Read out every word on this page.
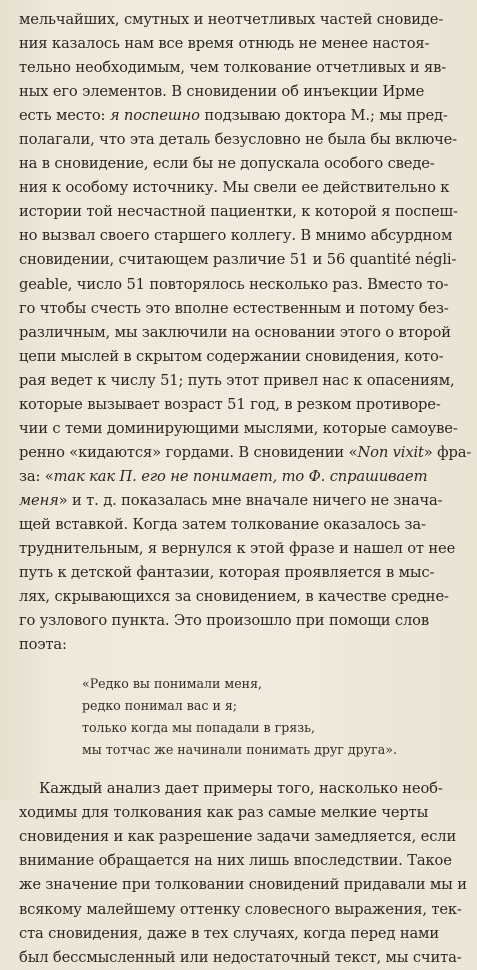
мельчайших, смутных и неотчетливых частей сновиде-
ния казалось нам все время отнюдь не менее настоя-
тельно необходимым, чем толкование отчетливых и яв-
ных его элементов. В сновидении об инъекции Ирме
есть место: я поспешно подзываю доктора М.; мы пред-
полагали, что эта деталь безусловно не была бы включе-
на в сновидение, если бы не допускала особого сведе-
ния к особому источнику. Мы свели ее действительно к
истории той несчастной пациентки, к которой я поспеш-
но вызвал своего старшего коллегу. В мнимо абсурдном
сновидении, считающем различие 51 и 56 quantité négli-
geable, число 51 повторялось несколько раз. Вместо то-
го чтобы счесть это вполне естественным и потому без-
различным, мы заключили на основании этого о второй
цепи мыслей в скрытом содержании сновидения, кото-
рая ведет к числу 51; путь этот привел нас к опасениям,
которые вызывает возраст 51 год, в резком противоре-
чии с теми доминирующими мыслями, которые самоуве-
ренно «кидаются» гордами. В сновидении «Non vixit» фра-
за: «так как П. его не понимает, то Ф. спрашивает
меня» и т. д. показалась мне вначале ничего не знача-
щей вставкой. Когда затем толкование оказалось за-
труднительным, я вернулся к этой фразе и нашел от нее
путь к детской фантазии, которая проявляется в мыс-
лях, скрывающихся за сновидением, в качестве средне-
го узлового пункта. Это произошло при помощи слов
поэта:
«Редко вы понимали меня,
редко понимал вас и я;
только когда мы попадали в грязь,
мы тотчас же начинали понимать друг друга».
Каждый анализ дает примеры того, насколько необ-
ходимы для толкования как раз самые мелкие черты
сновидения и как разрешение задачи замедляется, если
внимание обращается на них лишь впоследствии. Такое
же значение при толковании сновидений придавали мы и
всякому малейшему оттенку словесного выражения, тек-
ста сновидения, даже в тех случаях, когда перед нами
был бессмысленный или недостаточный текст, мы счита-
